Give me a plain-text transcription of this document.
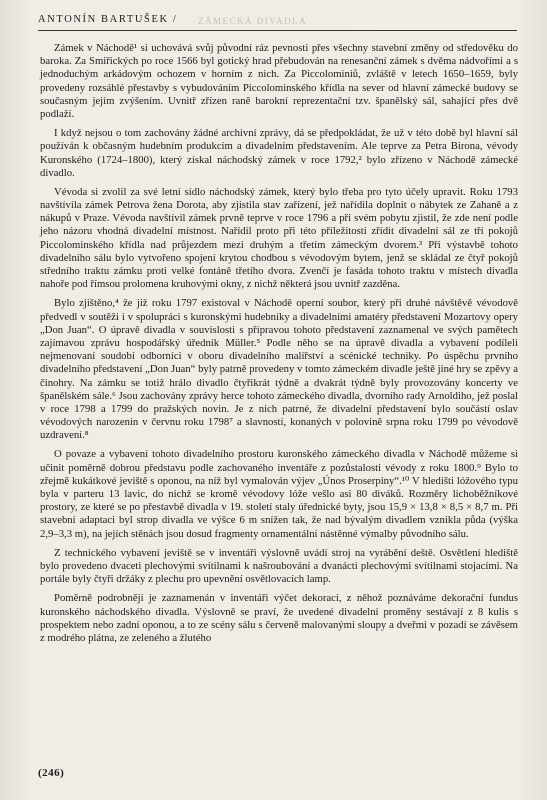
ANTONÍN BARTUŠEK / ZÁMECKÁ DIVADLA

Zámek v Náchodě¹ si uchovává svůj původní ráz pevnosti přes všechny stavební změny od středověku do baroka. Za Smiřických po roce 1566 byl gotický hrad přebudován na renesanční zámek s dvěma nádvořími a s jednoduchým arkádovým ochozem v horním z nich. Za Piccolominiů, zvláště v letech 1650–1659, byly provedeny rozsáhlé přestavby s vybudováním Piccolominského křídla na sever od hlavní zámecké budovy se současným jejím zvýšením. Uvnitř zřízen raně barokní reprezentační tzv. španělský sál, sahající přes dvě podlaží.

I když nejsou o tom zachovány žádné archivní zprávy, dá se předpokládat, že už v této době byl hlavní sál používán k občasným hudebním produkcím a divadelním představením. Ale teprve za Petra Birona, vévody Kuronského (1724–1800), který získal náchodský zámek v roce 1792,² bylo zřízeno v Náchodě zámecké divadlo.

Vévoda si zvolil za své letní sídlo náchodský zámek, který bylo třeba pro tyto účely upravit. Roku 1793 navštívila zámek Petrova žena Dorota, aby zjistila stav zařízení, jež nařídila doplnit o nábytek ze Zahaně a z nákupů v Praze. Vévoda navštívil zámek prvně teprve v roce 1796 a při svém pobytu zjistil, že zde není podle jeho názoru vhodná divadelní místnost. Nařídil proto při této příležitosti zřídit divadelní sál ze tří pokojů Piccolominského křídla nad průjezdem mezi druhým a třetím zámeckým dvorem.³ Při výstavbě tohoto divadelního sálu bylo vytvořeno spojení krytou chodbou s vévodovým bytem, jenž se skládal ze čtyř pokojů středního traktu zámku proti velké fontáně třetího dvora. Zvenčí je fasáda tohoto traktu v místech divadla nahoře pod římsou prolomena kruhovými okny, z nichž některá jsou uvnitř zazděna.

Bylo zjištěno,⁴ že již roku 1797 existoval v Náchodě operní soubor, který při druhé návštěvě vévodově předvedl v soutěži i v spolupráci s kuronskými hudebníky a divadelními amatéry představení Mozartovy opery „Don Juan“. O úpravě divadla v souvislosti s přípravou tohoto představení zaznamenal ve svých pamětech zajímavou zprávu hospodářský úředník Müller.⁵ Podle něho se na úpravě divadla a vybavení podíleli nejmenovaní soudobí odborníci v oboru divadelního malířství a scénické techniky. Po úspěchu prvního divadelního představení „Don Juan“ byly patrně provedeny v tomto zámeckém divadle ještě jiné hry se zpěvy a činohry. Na zámku se totiž hrálo divadlo čtyřikrát týdně a dvakrát týdně byly provozovány koncerty ve španělském sále.⁶ Jsou zachovány zprávy herce tohoto zámeckého divadla, dvorního rady Arnoldiho, jež poslal v roce 1798 a 1799 do pražských novin. Je z nich patrné, že divadelní představení bylo součástí oslav vévodových narozenin v červnu roku 1798⁷ a slavností, konaných v polovině srpna roku 1799 po vévodově uzdravení.⁸

O povaze a vybavení tohoto divadelního prostoru kuronského zámeckého divadla v Náchodě můžeme si učinit poměrně dobrou představu podle zachovaného inventáře z pozůstalosti vévody z roku 1800.⁹ Bylo to zřejmě kukátkové jeviště s oponou, na níž byl vymalován výjev „Únos Proserpiny“.¹⁰ V hledišti lóžového typu byla v parteru 13 lavic, do nichž se kromě vévodovy lóže vešlo asi 80 diváků. Rozměry lichoběžníkové prostory, ze které se po přestavbě divadla v 19. století staly úřednické byty, jsou 15,9 × 13,8 × 8,5 × 8,7 m. Při stavební adaptaci byl strop divadla ve výšce 6 m snížen tak, že nad bývalým divadlem vznikla půda (výška 2,9–3,3 m), na jejích stěnách jsou dosud fragmenty ornamentální nástěnné výmalby původního sálu.

Z technického vybavení jeviště se v inventáři výslovně uvádí stroj na vyrábění deště. Osvětlení hlediště bylo provedeno dvaceti plechovými svítilnami k našroubování a dvanácti plechovými svítilnami stojacími. Na portále byly čtyři držáky z plechu pro upevnění osvětlovacích lamp.

Poměrně podrobněji je zaznamenán v inventáři výčet dekorací, z něhož poznáváme dekorační fundus kuronského náchodského divadla. Výslovně se praví, že uvedené divadelní proměny sestávají z 8 kulis s prospektem nebo zadní oponou, a to ze scény sálu s červeně malovanými sloupy a dveřmi v pozadí se závěsem z modrého plátna, ze zeleného a žlutého

(246)
